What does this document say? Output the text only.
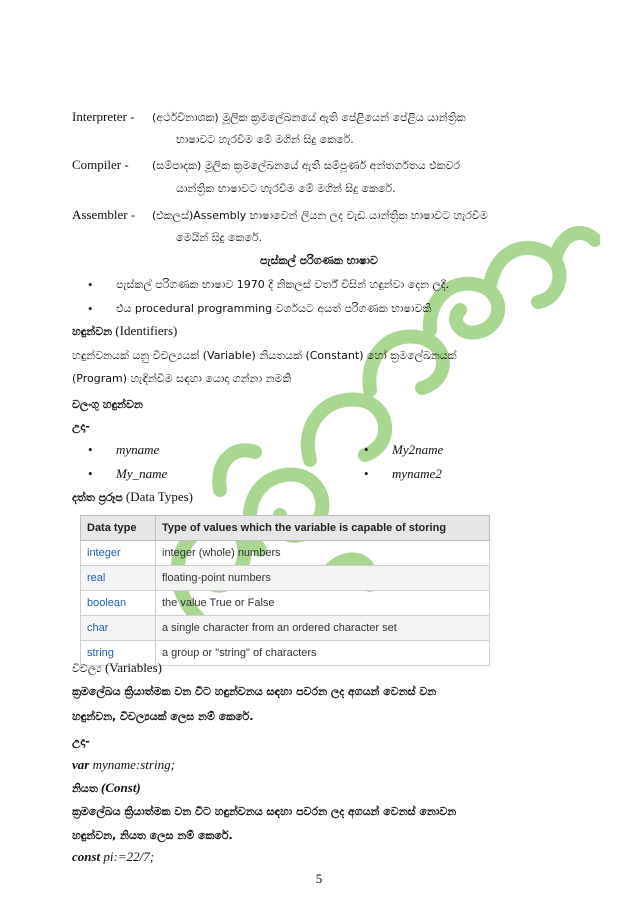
Interpreter - (අර්ථවිනාශක) මූලික ක්‍රමලේඛනයේ ඇති පේළියෙන් පේළිය යාන්ත්‍රික
භාෂාවට හැරවීම මේ මගින් සිදු කෙරේ.
Compiler - (සම්පාදක) මූලික ක්‍රමලේඛනයේ ඇති සම්පූර්ණ අන්තර්ගතය එකවර
යාන්ත්‍රික භාෂාවට හැරවීම මේ මගින් සිදු කෙරේ.
Assembler - (එකලස්)Assembly භාෂාවෙන් ලියන ලද වැඩ යාන්ත්‍රික භාෂාවට හැරවීම
මෙයින් සිදු කෙරේ.
පැස්කල් පරිගණක භාෂාව
• පැස්කල් පරිගණක භාෂාව 1970 දී නිකලස් වර්ත් විසින් හඳුන්වා දෙන ලදී.
• එය procedural programming වර්ගයට අයත් පරිගණක භාෂාවකි
හඳුන්වන (Identifiers)
හඳුන්වනයක් යනු විචල්‍යයක් (Variable) නියතයක් (Constant) හෝ ක්‍රමලේඛනයක්
(Program) හැඳින්වීම සඳහා යොදා ගන්නා නමකි
වලංගු හඳුන්වන
උදා-
• myname
• My_name
• My2name
• myname2
දත්ත ප්‍රරූප (Data Types)
Data type	Type of values which the variable is capable of storing
integer	integer (whole) numbers
real	floating-point numbers
boolean	the value True or False
char	a single character from an ordered character set
string	a group or "string" of characters
විචල්‍ය (Variables)
ක්‍රමලේඛය ක්‍රියාත්මක වන විට හඳුන්වනය සඳහා පවරන ලද අගයන් වෙනස් වන
හඳුන්වන, විචල්‍යයක් ලෙස නම් කෙරේ.
උදා-
var myname:string;
නියත (Const)
ක්‍රමලේඛය ක්‍රියාත්මක වන විට හඳුන්වනය සඳහා පවරන ලද අගයන් වෙනස් නොවන
හඳුන්වන, නියත ලෙස නම් කෙරේ.
const pi:=22/7;
5
